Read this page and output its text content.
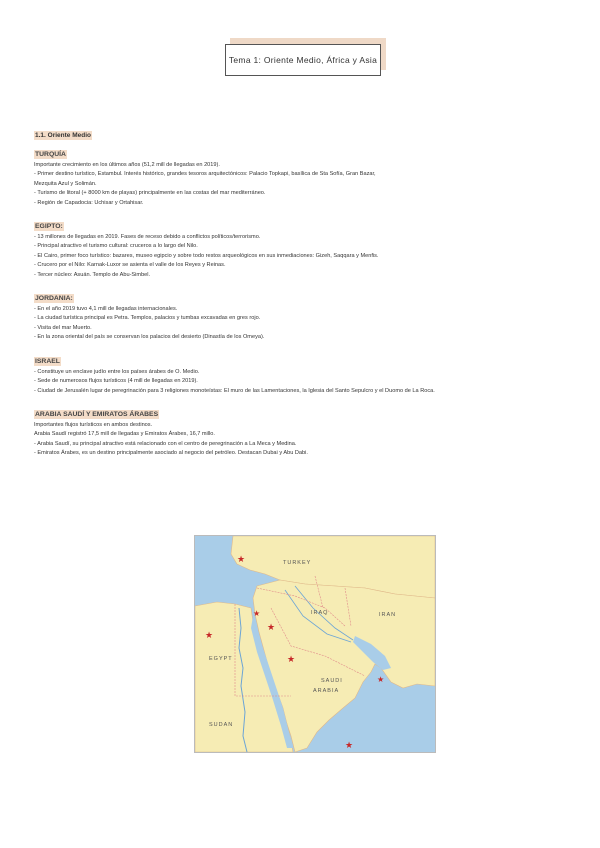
Tema 1: Oriente Medio, África y Asia
1.1. Oriente Medio
TURQUÍA
Importante crecimiento en los últimos años (51,2 mill de llegadas en 2019).
- Primer destino turístico, Estambul. Interés histórico, grandes tesoros arquitectónicos: Palacio Topkapi, basílica de Sta Sofía, Gran Bazar,
Mezquita Azul y Solimán.
- Turismo de litoral (+ 8000 km de playas) principalmente en las costas del mar mediterráneo.
- Región de Capadocia: Uchisar y Ortahisar.
EGIPTO:
- 13 millones de llegadas en 2019. Fases de receso debido a conflictos políticos/terrorismo.
- Principal atractivo el turismo cultural: cruceros a lo largo del Nilo.
- El Cairo, primer foco turístico: bazares, museo egipcio y sobre todo restos arqueológicos en sus inmediaciones: Gizeh, Saqqara y Menfis.
- Crucero por el Nilo: Karnak-Luxor se asienta el valle de los Reyes y Reinas.
- Tercer núcleo: Asuán. Templo de Abu-Simbel.
JORDANIA:
- En el año 2019 tuvo 4,1 mill de llegadas internacionales.
- La ciudad turística principal es Petra. Templos, palacios y tumbas excavadas en gres rojo.
- Visita del mar Muerto.
- En la zona oriental del país se conservan los palacios del desierto (Dinastía de los Omeya).
ISRAEL
- Constituye un enclave judío entre los países árabes de O. Medio.
- Sede de numerosos flujos turísticos (4 mill de llegadas en 2019).
- Ciudad de Jerusalén lugar de peregrinación para 3 religiones monoteístas: El muro de las Lamentaciones, la Iglesia del Santo Sepulcro y el Duomo de La Roca.
ARABIA SAUDÍ Y EMIRATOS ÁRABES
Importantes flujos turísticos en ambos destinos.
Arabia Saudí registró 17,5 mill de llegadas y Emiratos Árabes, 16,7 millo.
- Arabia Saudí, su principal atractivo está relacionado con el centro de peregrinación a La Meca y Medina.
- Emiratos Árabes, es un destino principalmente asociado al negocio del petróleo. Destacan Dubai y Abu Dabi.
TURKEY
IRAQ	IRAN
EGYPT
SAUDI
ARABIA
SUDAN
★
★
★
★
★
★
★
